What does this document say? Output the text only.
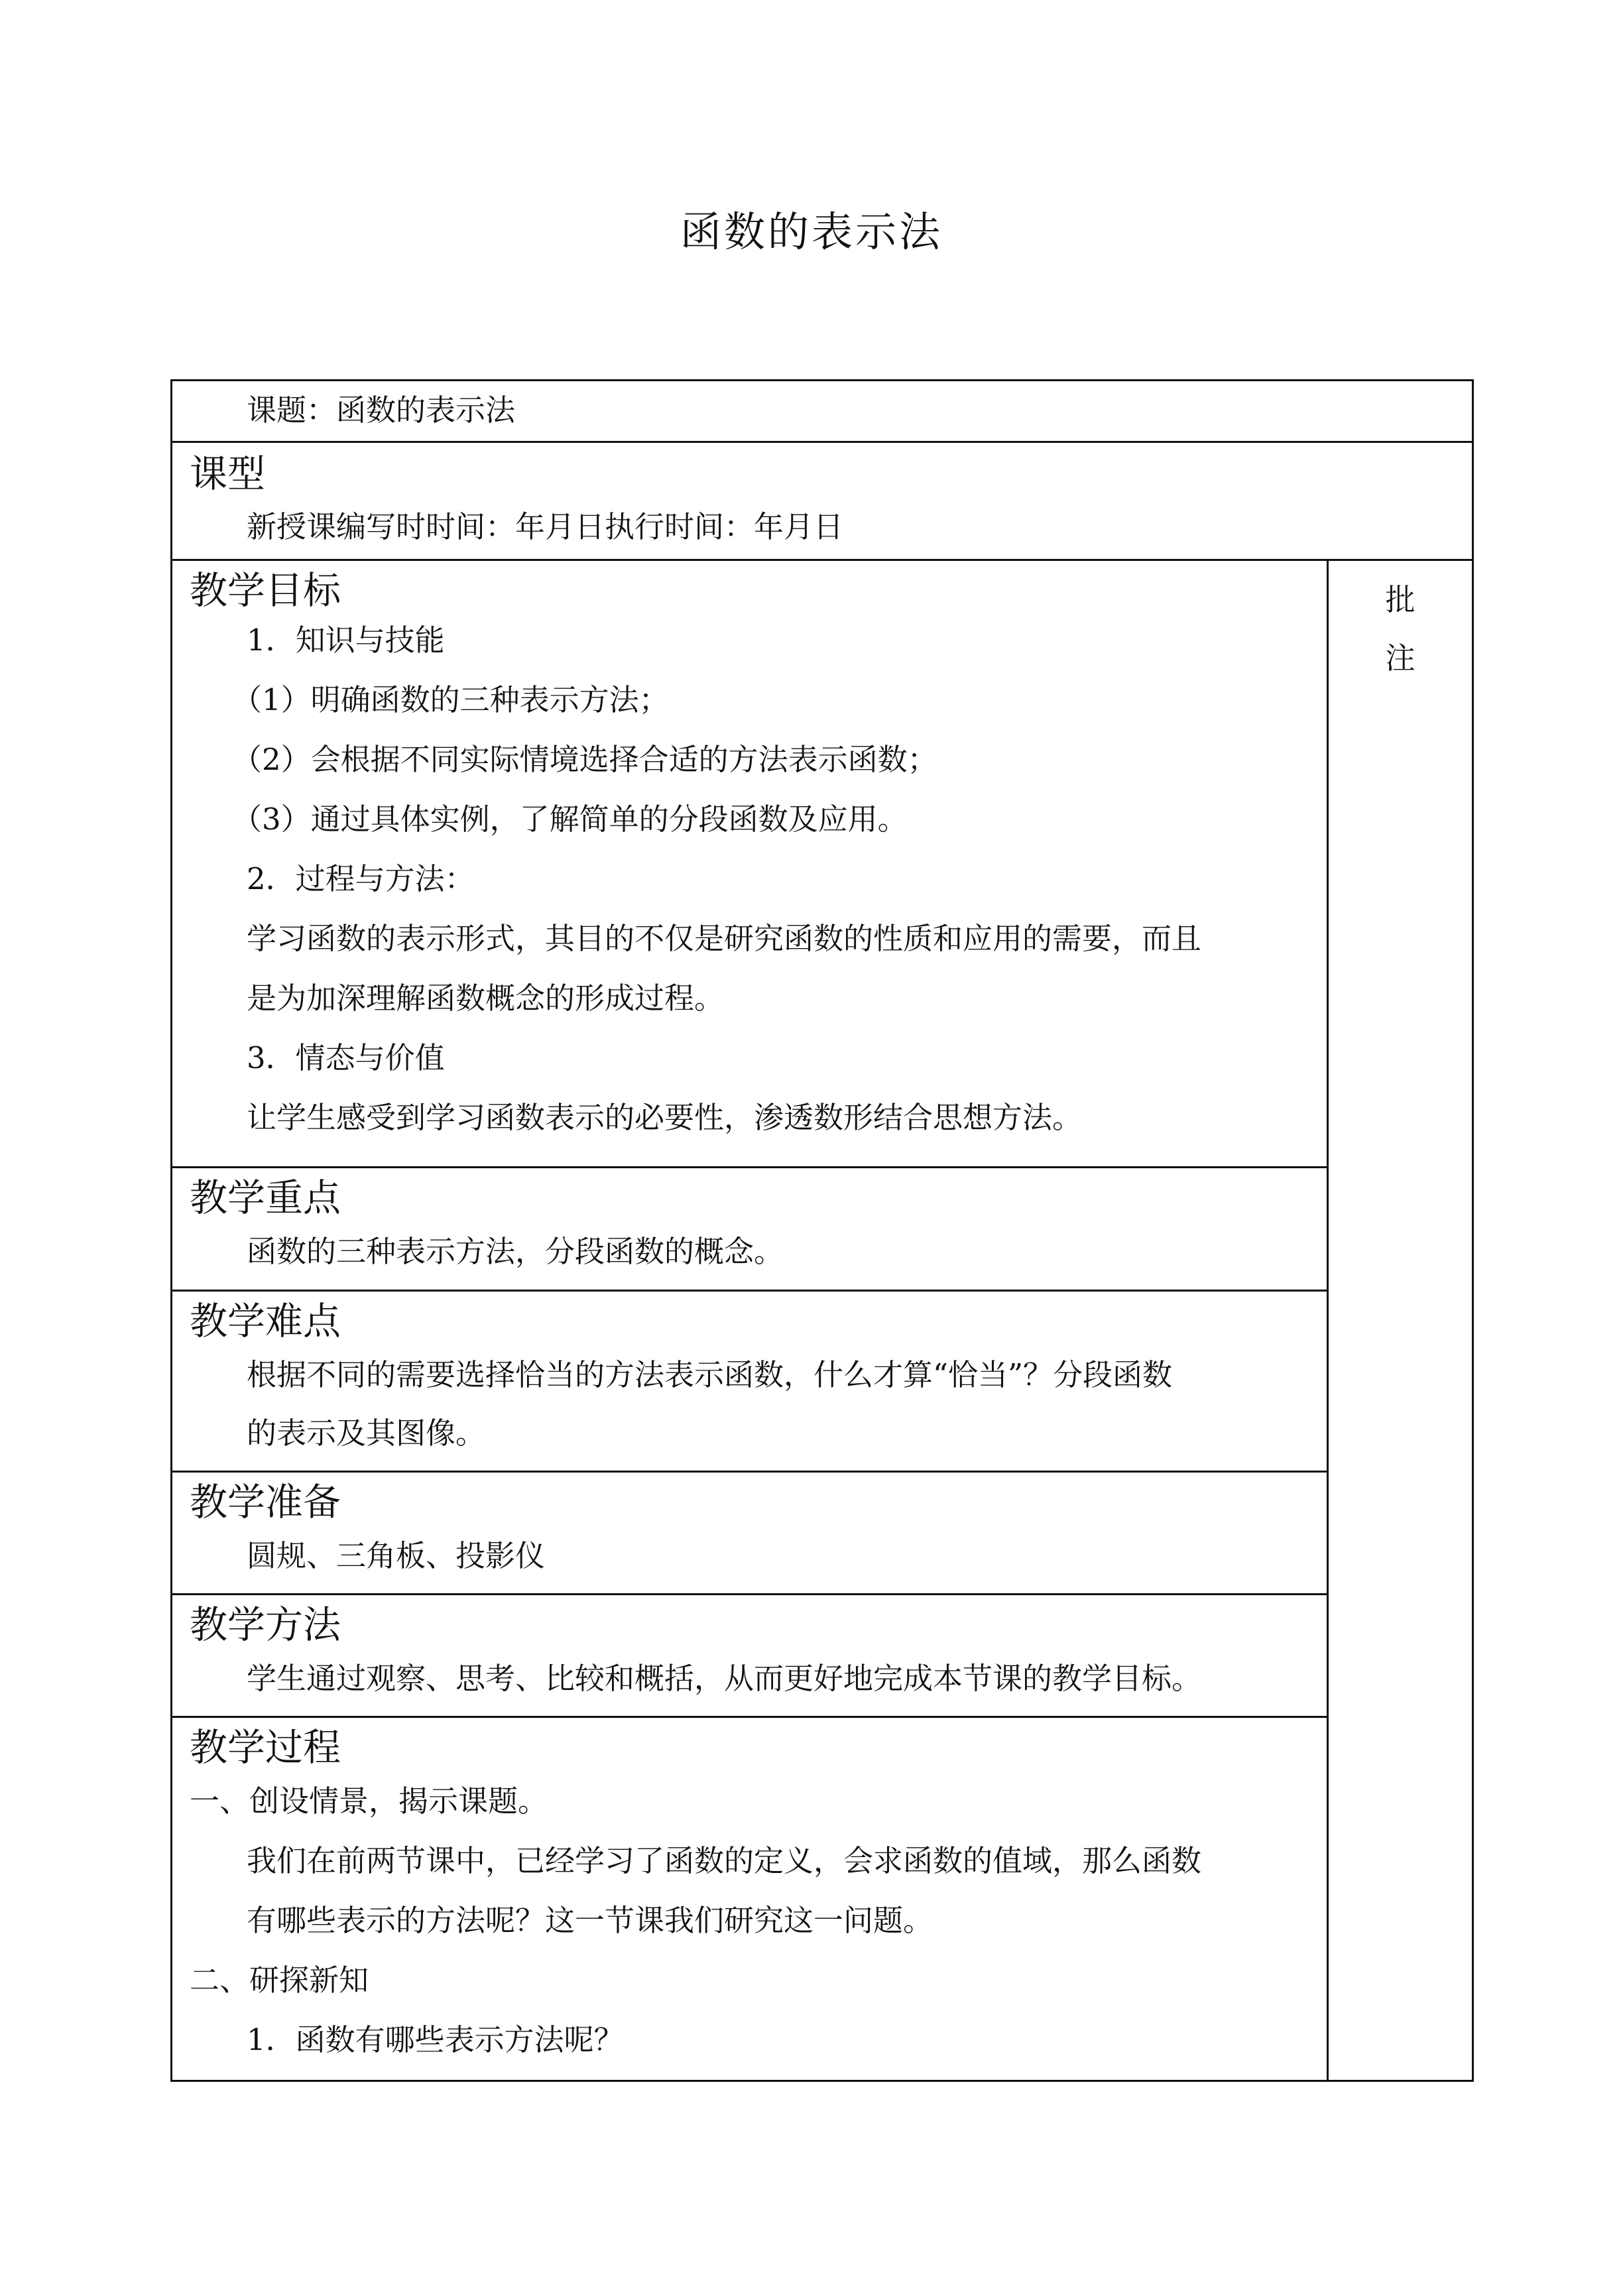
函数的表示法
课题：函数的表示法
课型
新授课编写时时间：年月日执行时间：年月日
批
注
教学目标
1．知识与技能
（1）明确函数的三种表示方法；
（2）会根据不同实际情境选择合适的方法表示函数；
（3）通过具体实例，了解简单的分段函数及应用。
2．过程与方法：
学习函数的表示形式，其目的不仅是研究函数的性质和应用的需要，而且
是为加深理解函数概念的形成过程。
3．情态与价值
让学生感受到学习函数表示的必要性，渗透数形结合思想方法。
教学重点
函数的三种表示方法，分段函数的概念。
教学难点
根据不同的需要选择恰当的方法表示函数，什么才算“恰当”？分段函数
的表示及其图像。
教学准备
圆规、三角板、投影仪
教学方法
学生通过观察、思考、比较和概括，从而更好地完成本节课的教学目标。
教学过程
一、创设情景，揭示课题。
我们在前两节课中，已经学习了函数的定义，会求函数的值域，那么函数
有哪些表示的方法呢？这一节课我们研究这一问题。
二、研探新知
1．函数有哪些表示方法呢？
